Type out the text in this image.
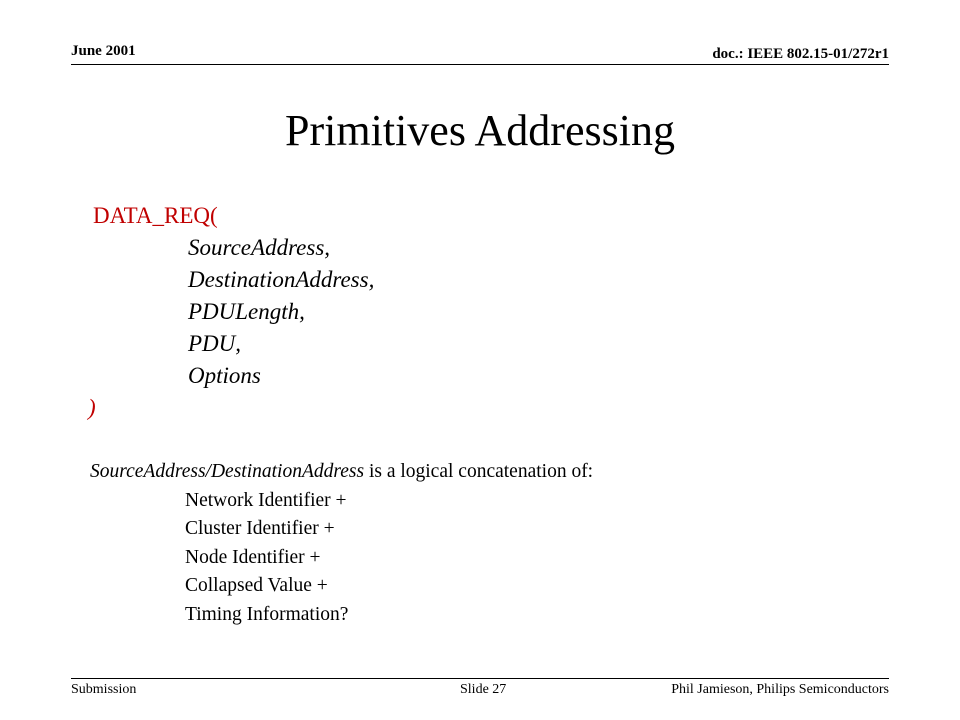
June 2001	doc.: IEEE 802.15-01/272r1
Primitives Addressing
DATA_REQ(
SourceAddress,
DestinationAddress,
PDULength,
PDU,
Options
)
SourceAddress/DestinationAddress is a logical concatenation of:
Network Identifier +
Cluster Identifier +
Node Identifier +
Collapsed Value +
Timing Information?
Submission	Slide 27	Phil Jamieson, Philips Semiconductors
